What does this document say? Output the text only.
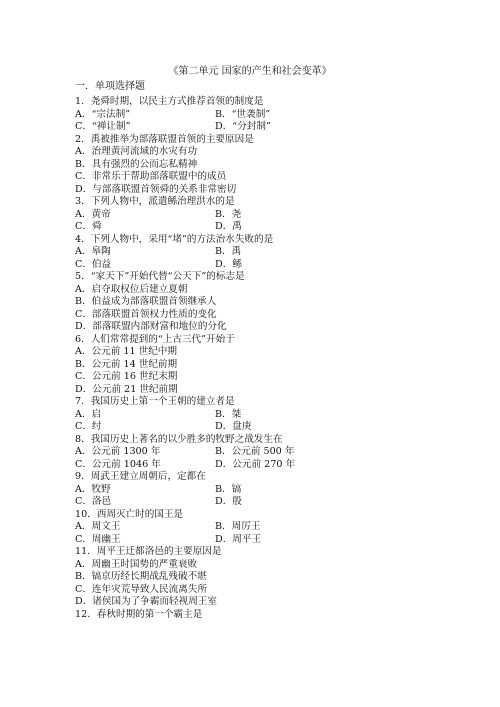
《第二单元 国家的产生和社会变革》
一．单项选择题
1．尧舜时期，以民主方式推荐首领的制度是
A．“宗法制”	B．“世袭制”
C．“禅让制”	D．“分封制”
2．禹被推举为部落联盟首领的主要原因是
A．治理黄河流域的水灾有功
B．具有强烈的公而忘私精神
C．非常乐于帮助部落联盟中的成员
D．与部落联盟首领舜的关系非常密切
3．下列人物中，派遣鲧治理洪水的是
A．黄帝	B．尧
C．舜	D．禹
4．下列人物中，采用“堵”的方法治水失败的是
A．皋陶	B．禹
C．伯益	D．鲧
5．“家天下”开始代替“公天下”的标志是
A．启夺取权位后建立夏朝
B．伯益成为部落联盟首领继承人
C．部落联盟首领权力性质的变化
D．部落联盟内部财富和地位的分化
6．人们常常提到的“上古三代”开始于
A．公元前 11 世纪中期
B．公元前 14 世纪前期
C．公元前 16 世纪末期
D．公元前 21 世纪前期
7．我国历史上第一个王朝的建立者是
A．启	B．桀
C．纣	D．盘庚
8．我国历史上著名的以少胜多的牧野之战发生在
A．公元前 1300 年	B．公元前 500 年
C．公元前 1046 年	D．公元前 270 年
9．周武王建立周朝后，定都在
A．牧野	B．镐
C．洛邑	D．殷
10．西周灭亡时的国王是
A．周文王	B．周厉王
C．周幽王	D．周平王
11．周平王迁都洛邑的主要原因是
A．周幽王时国势的严重衰败
B．镐京历经长期战乱残破不堪
C．连年灾荒导致人民流离失所
D．诸侯国为了争霸而轻视周王室
12．春秋时期的第一个霸主是
